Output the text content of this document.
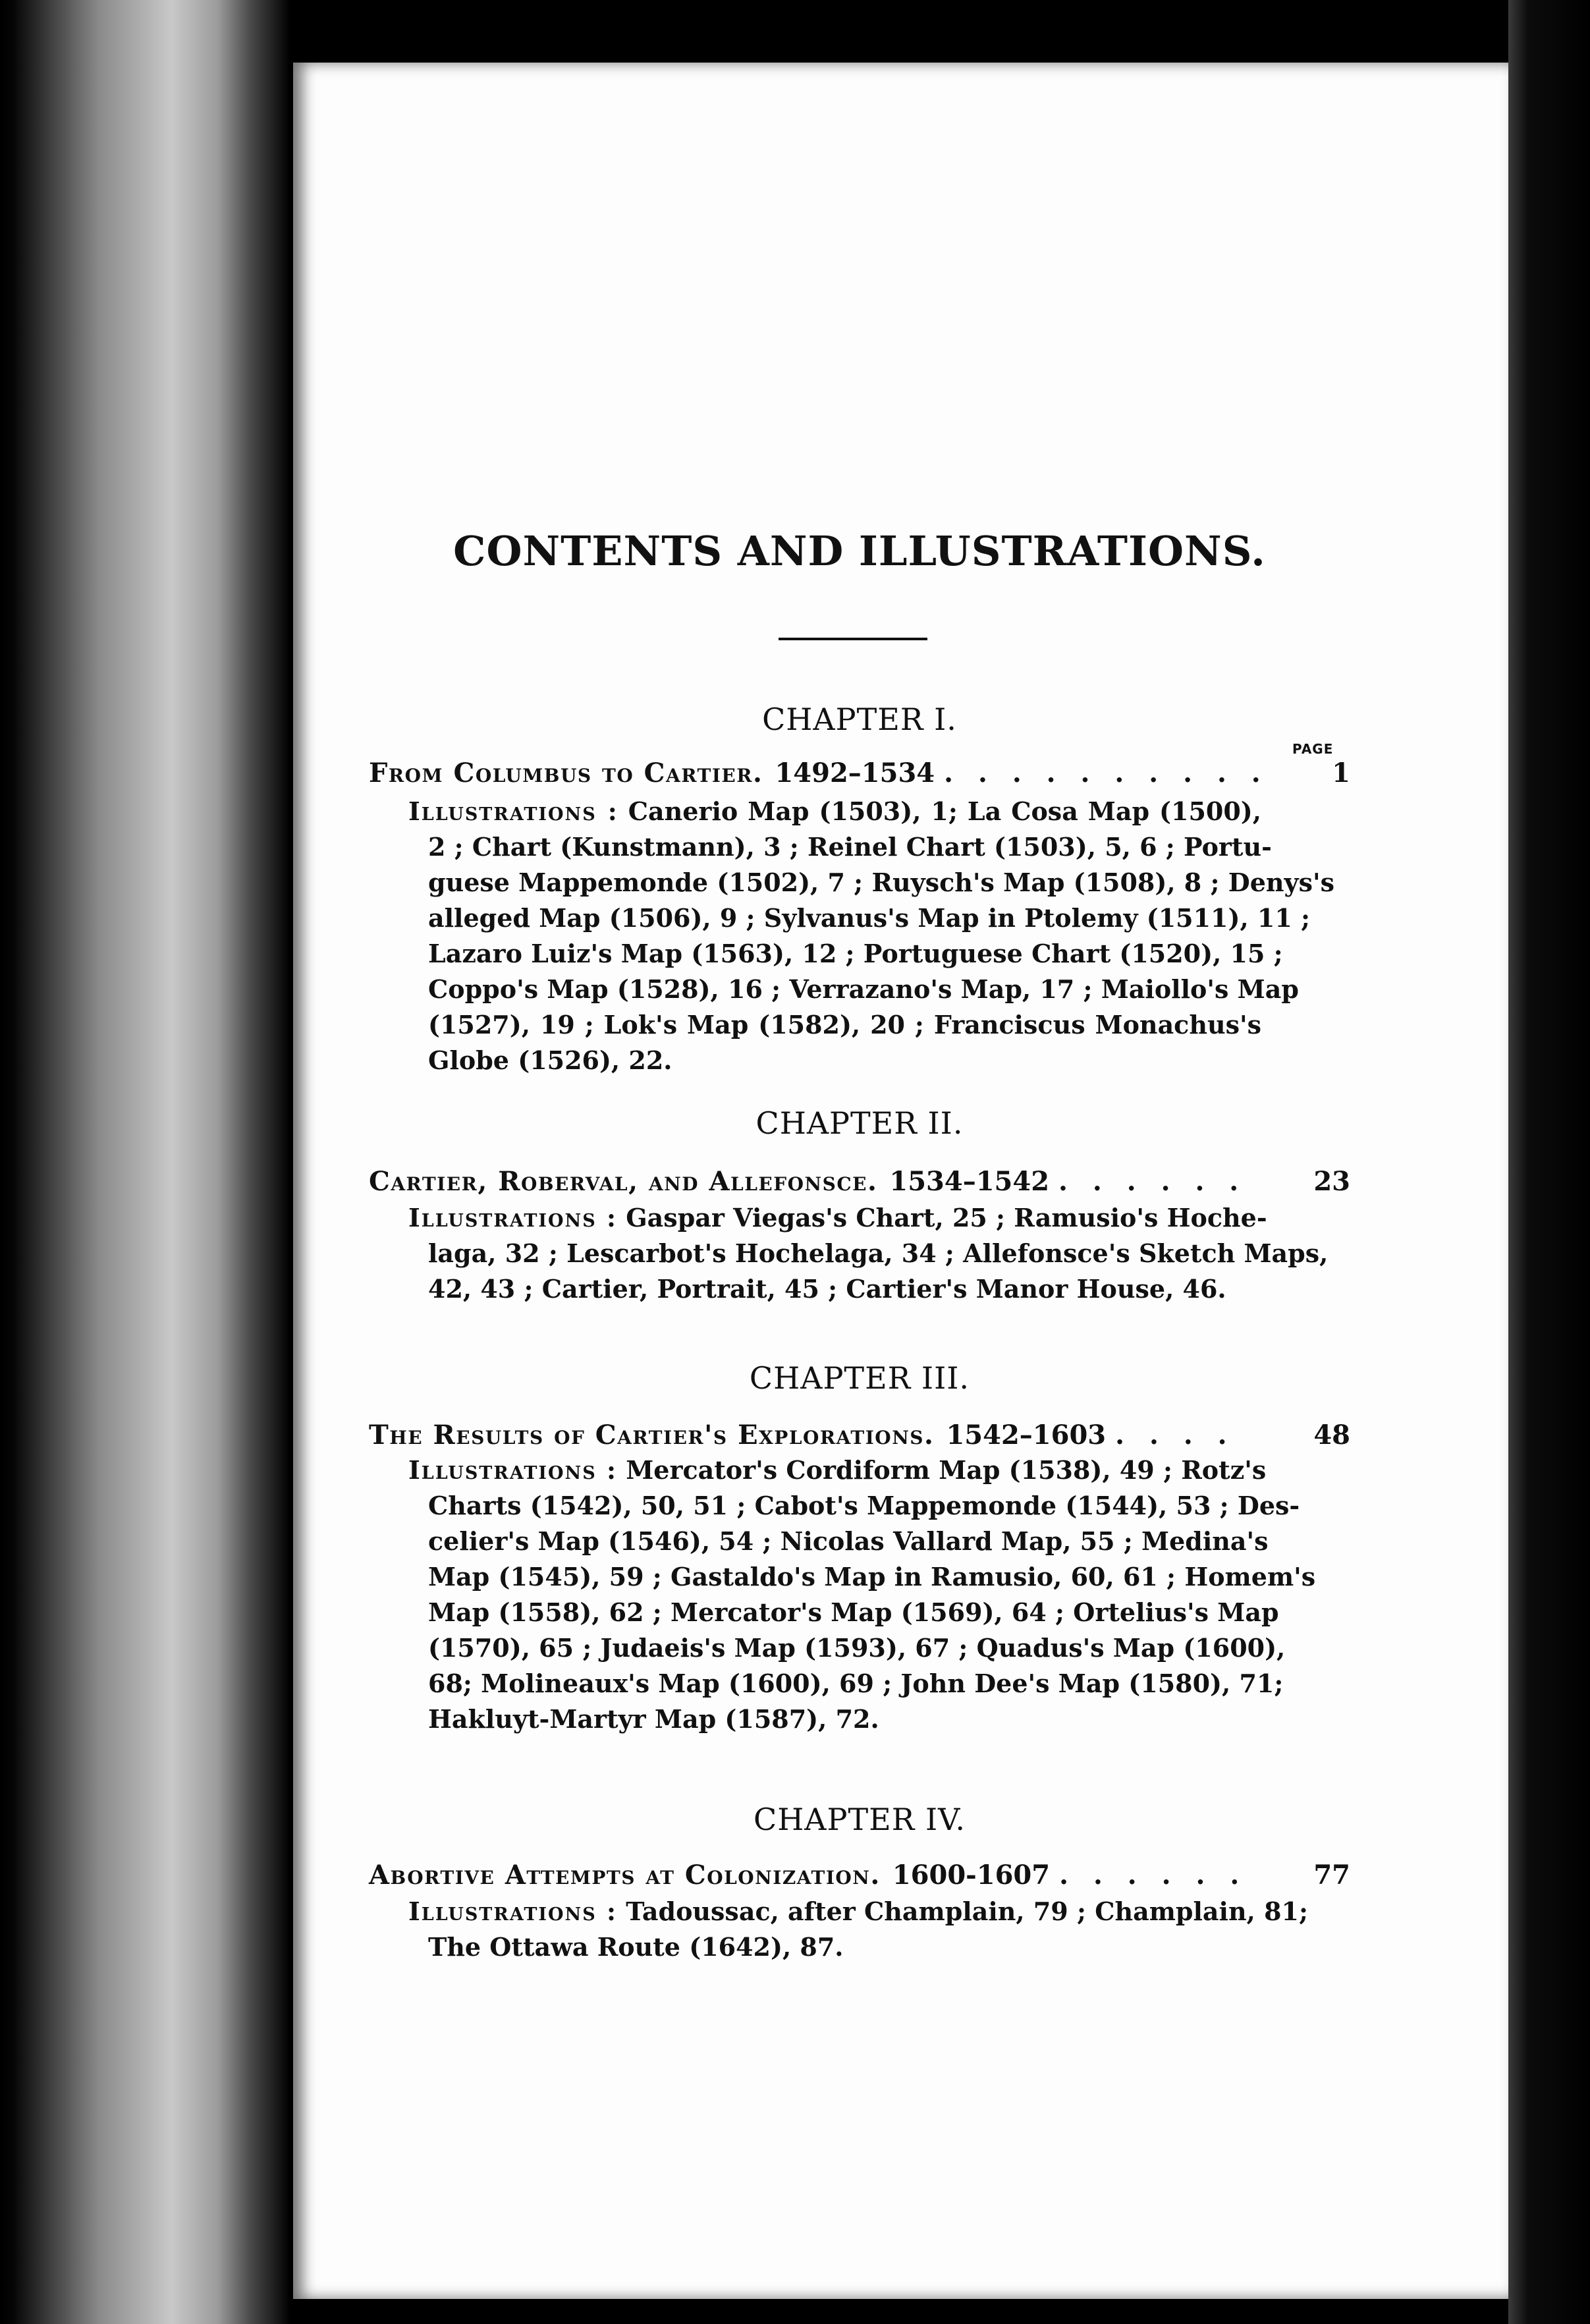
CONTENTS AND ILLUSTRATIONS.
CHAPTER I.
PAGE
From Columbus to Cartier. 1492–1534 . . . . . . . . . . 1
Illustrations : Canerio Map (1503), 1; La Cosa Map (1500),
2 ; Chart (Kunstmann), 3 ; Reinel Chart (1503), 5, 6 ; Portu-
guese Mappemonde (1502), 7 ; Ruysch's Map (1508), 8 ; Denys's
alleged Map (1506), 9 ; Sylvanus's Map in Ptolemy (1511), 11 ;
Lazaro Luiz's Map (1563), 12 ; Portuguese Chart (1520), 15 ;
Coppo's Map (1528), 16 ; Verrazano's Map, 17 ; Maiollo's Map
(1527), 19 ; Lok's Map (1582), 20 ; Franciscus Monachus's
Globe (1526), 22.
CHAPTER II.
Cartier, Roberval, and Allefonsce. 1534–1542 . . . . . .	23
Illustrations : Gaspar Viegas's Chart, 25 ; Ramusio's Hoche-
laga, 32 ; Lescarbot's Hochelaga, 34 ; Allefonsce's Sketch Maps,
42, 43 ; Cartier, Portrait, 45 ; Cartier's Manor House, 46.
CHAPTER III.
The Results of Cartier's Explorations. 1542–1603 . . . .	48
Illustrations : Mercator's Cordiform Map (1538), 49 ; Rotz's
Charts (1542), 50, 51 ; Cabot's Mappemonde (1544), 53 ; Des-
celier's Map (1546), 54 ; Nicolas Vallard Map, 55 ; Medina's
Map (1545), 59 ; Gastaldo's Map in Ramusio, 60, 61 ; Homem's
Map (1558), 62 ; Mercator's Map (1569), 64 ; Ortelius's Map
(1570), 65 ; Judaeis's Map (1593), 67 ; Quadus's Map (1600),
68; Molineaux's Map (1600), 69 ; John Dee's Map (1580), 71;
Hakluyt-Martyr Map (1587), 72.
CHAPTER IV.
Abortive Attempts at Colonization. 1600-1607 . . . . . .	77
Illustrations : Tadoussac, after Champlain, 79 ; Champlain, 81;
The Ottawa Route (1642), 87.
